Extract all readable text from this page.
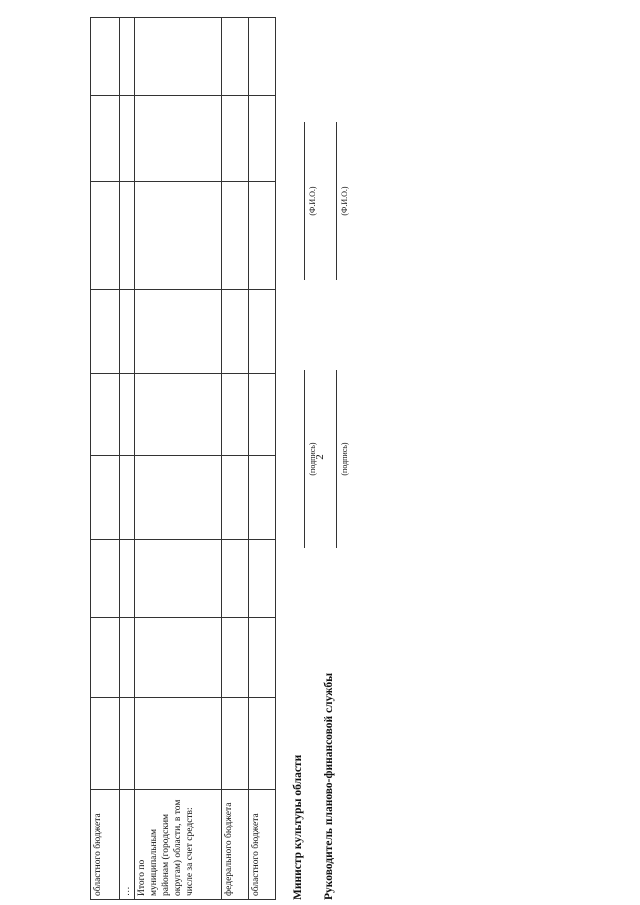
2
областного бюджета									
…									
Итого по муниципальным районам (городским округам) области, в том числе за счет средств:									
федерального бюджета									
областного бюджета										Министр культуры области
(подпись)
(Ф.И.О.)
Руководитель планово-финансовой службы
(подпись)
(Ф.И.О.)
